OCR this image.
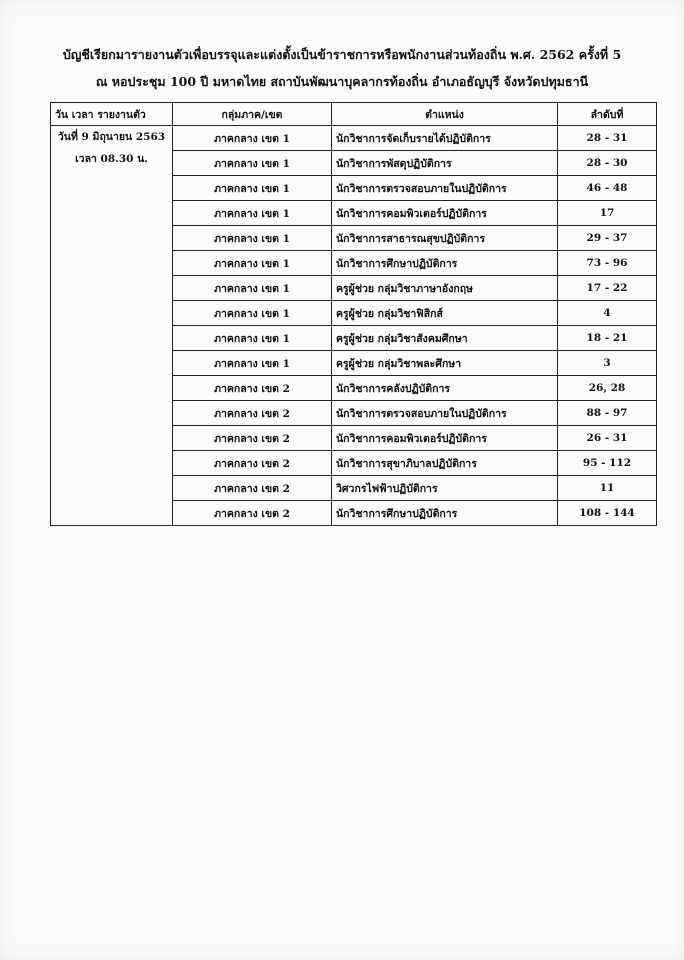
บัญชีเรียกมารายงานตัวเพื่อบรรจุและแต่งตั้งเป็นข้าราชการหรือพนักงานส่วนท้องถิ่น พ.ศ. 2562 ครั้งที่ 5
ณ หอประชุม 100 ปี มหาดไทย สถาบันพัฒนาบุคลากรท้องถิ่น อำเภอธัญบุรี จังหวัดปทุมธานี
วัน เวลา รายงานตัว	กลุ่มภาค/เขต	ตำแหน่ง	ลำดับที่

วันที่ 9 มิถุนายน 2563
เวลา 08.30 น.	ภาคกลาง เขต 1	นักวิชาการจัดเก็บรายได้ปฏิบัติการ	28 - 31
	ภาคกลาง เขต 1	นักวิชาการพัสดุปฏิบัติการ	28 - 30
	ภาคกลาง เขต 1	นักวิชาการตรวจสอบภายในปฏิบัติการ	46 - 48
	ภาคกลาง เขต 1	นักวิชาการคอมพิวเตอร์ปฏิบัติการ	17
	ภาคกลาง เขต 1	นักวิชาการสาธารณสุขปฏิบัติการ	29 - 37
	ภาคกลาง เขต 1	นักวิชาการศึกษาปฏิบัติการ	73 - 96
	ภาคกลาง เขต 1	ครูผู้ช่วย กลุ่มวิชาภาษาอังกฤษ	17 - 22
	ภาคกลาง เขต 1	ครูผู้ช่วย กลุ่มวิชาฟิสิกส์	4
	ภาคกลาง เขต 1	ครูผู้ช่วย กลุ่มวิชาสังคมศึกษา	18 - 21
	ภาคกลาง เขต 1	ครูผู้ช่วย กลุ่มวิชาพละศึกษา	3
	ภาคกลาง เขต 2	นักวิชาการคลังปฏิบัติการ	26, 28
	ภาคกลาง เขต 2	นักวิชาการตรวจสอบภายในปฏิบัติการ	88 - 97
	ภาคกลาง เขต 2	นักวิชาการคอมพิวเตอร์ปฏิบัติการ	26 - 31
	ภาคกลาง เขต 2	นักวิชาการสุขาภิบาลปฏิบัติการ	95 - 112
	ภาคกลาง เขต 2	วิศวกรไฟฟ้าปฏิบัติการ	11
	ภาคกลาง เขต 2	นักวิชาการศึกษาปฏิบัติการ	108 - 144
